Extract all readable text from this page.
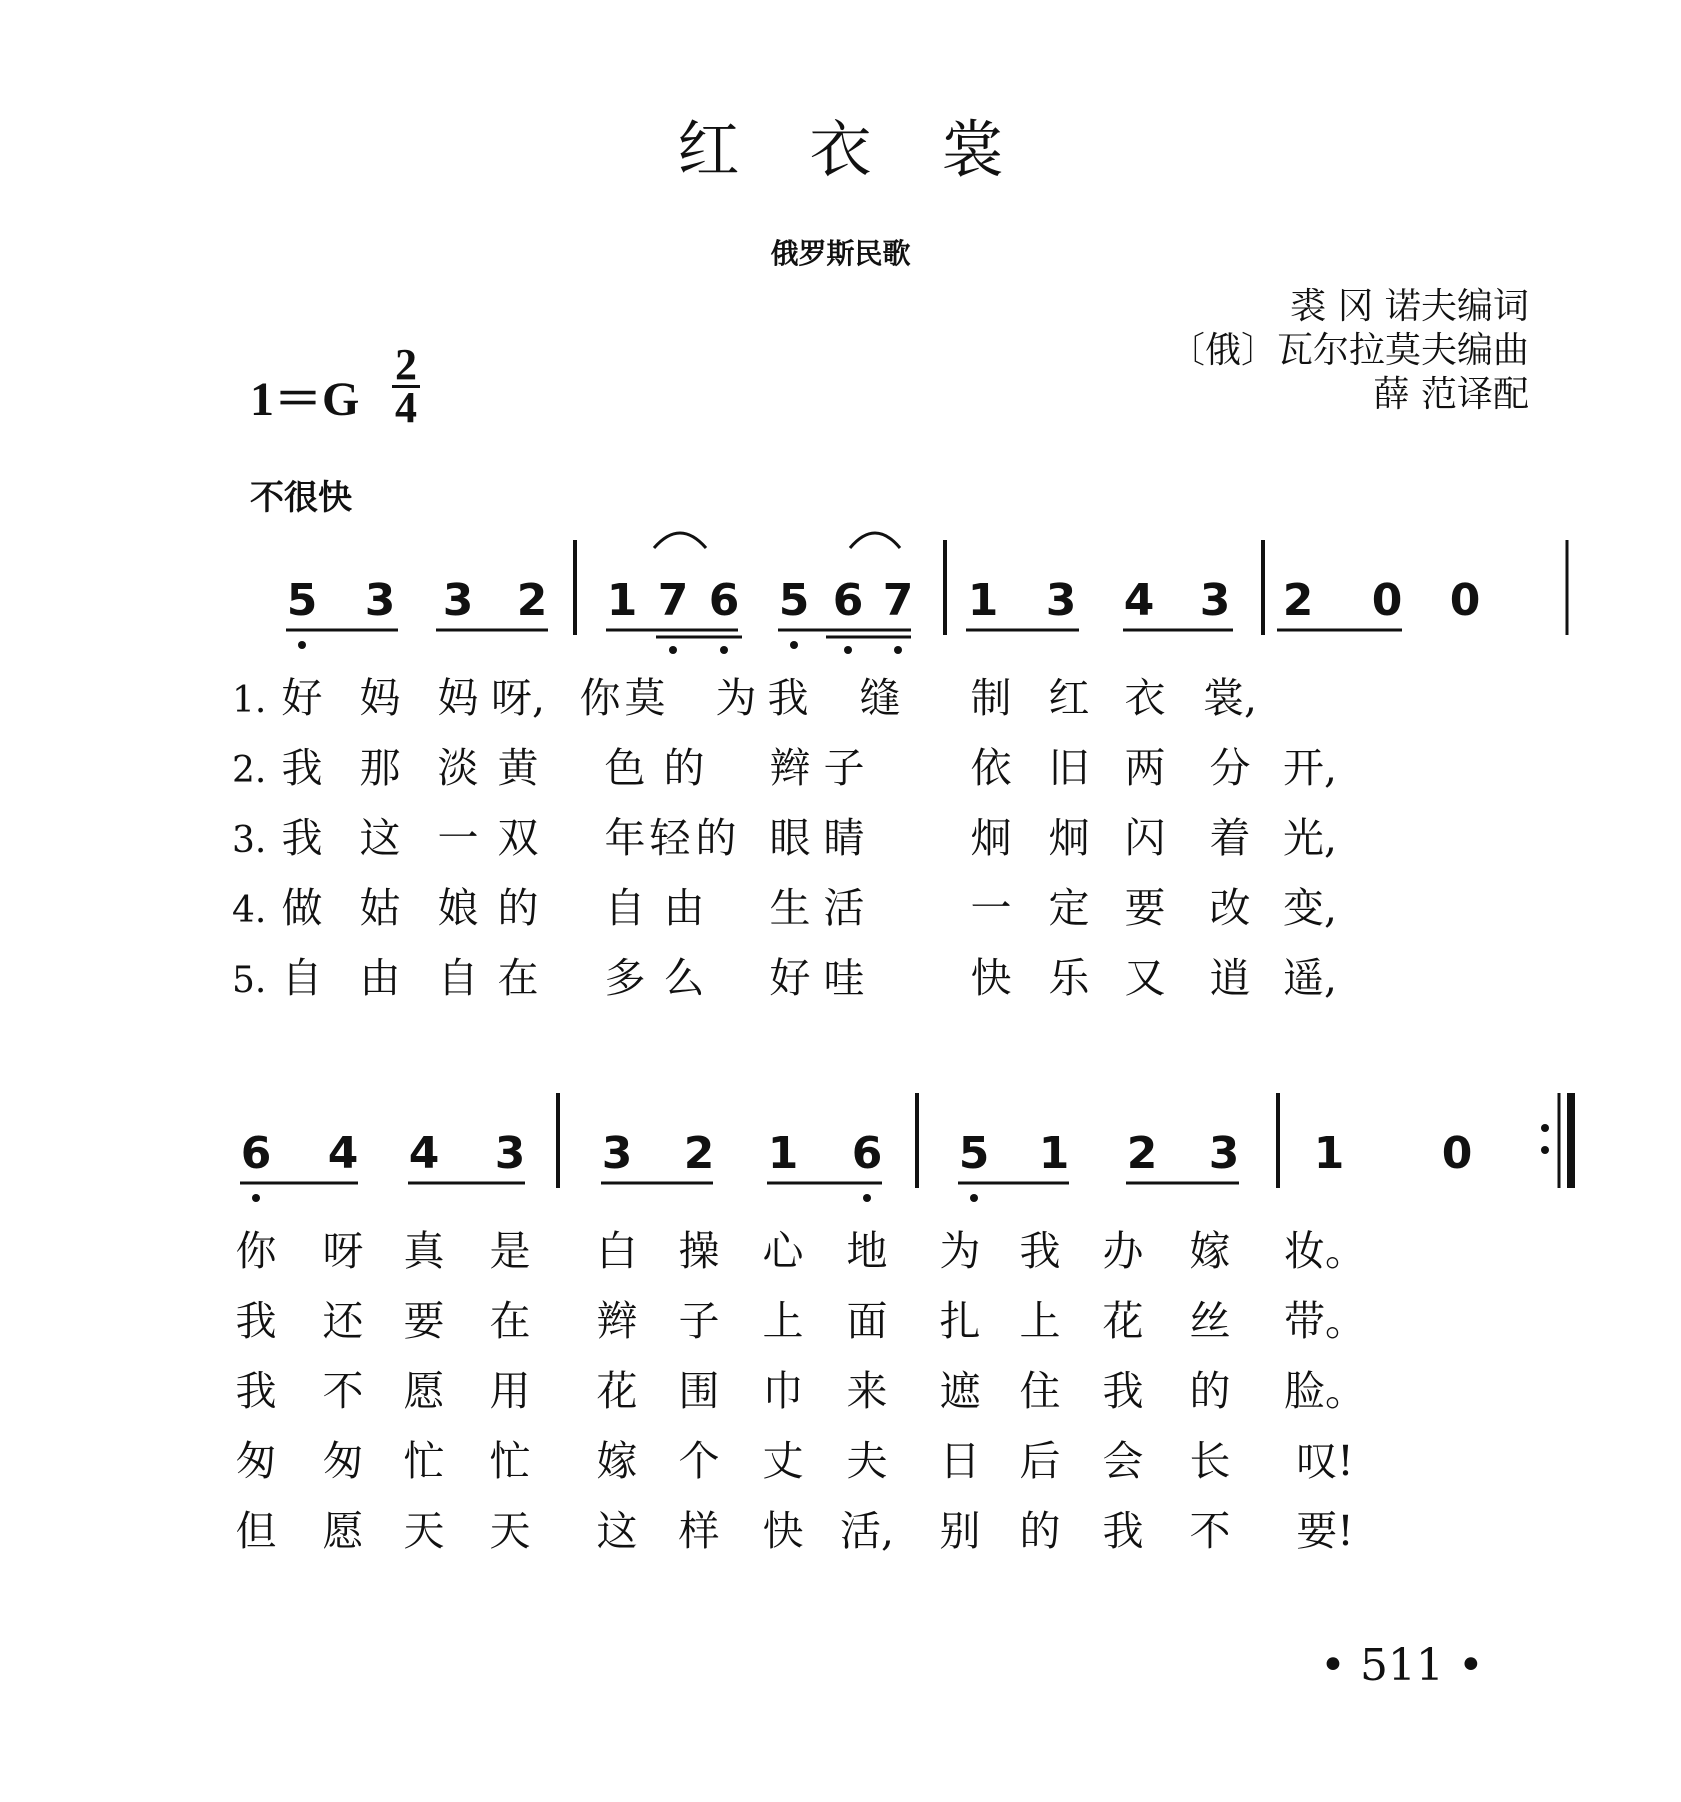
红衣裳
俄罗斯民歌
裘 冈 诺夫编词
〔俄〕瓦尔拉莫夫编曲
薛 范译配
1＝G
2
4
不很快
5 3 3 2 1 7 6 5 6 7 1 3 4 3 2 0 0
1. 好 妈 妈 呀, 你 莫 为 我 缝 制 红 衣 裳,
2. 我 那 淡 黄 色 的 辫 子	依 旧 两 分 开,
3. 我 这 一 双 年 轻 的 眼 睛	炯 炯 闪 着 光,
4. 做 姑 娘 的 自 由 生 活	一 定 要 改 变,
5. 自 由 自 在 多 么 好 哇	快 乐 又 逍 遥,
6 4 4 3 3 2 1 6 5 1 2 3 1 0
你 呀 真 是 白 操 心 地 为 我 办 嫁 妆。
我 还 要 在 辫 子 上 面 扎 上 花 丝 带。
我 不 愿 用 花 围 巾 来 遮 住 我 的 脸。
匆 匆 忙 忙 嫁 个 丈 夫 日 后 会 长 叹!
但 愿 天 天 这 样 快 活, 别 的 我 不 要!
• 511 •
